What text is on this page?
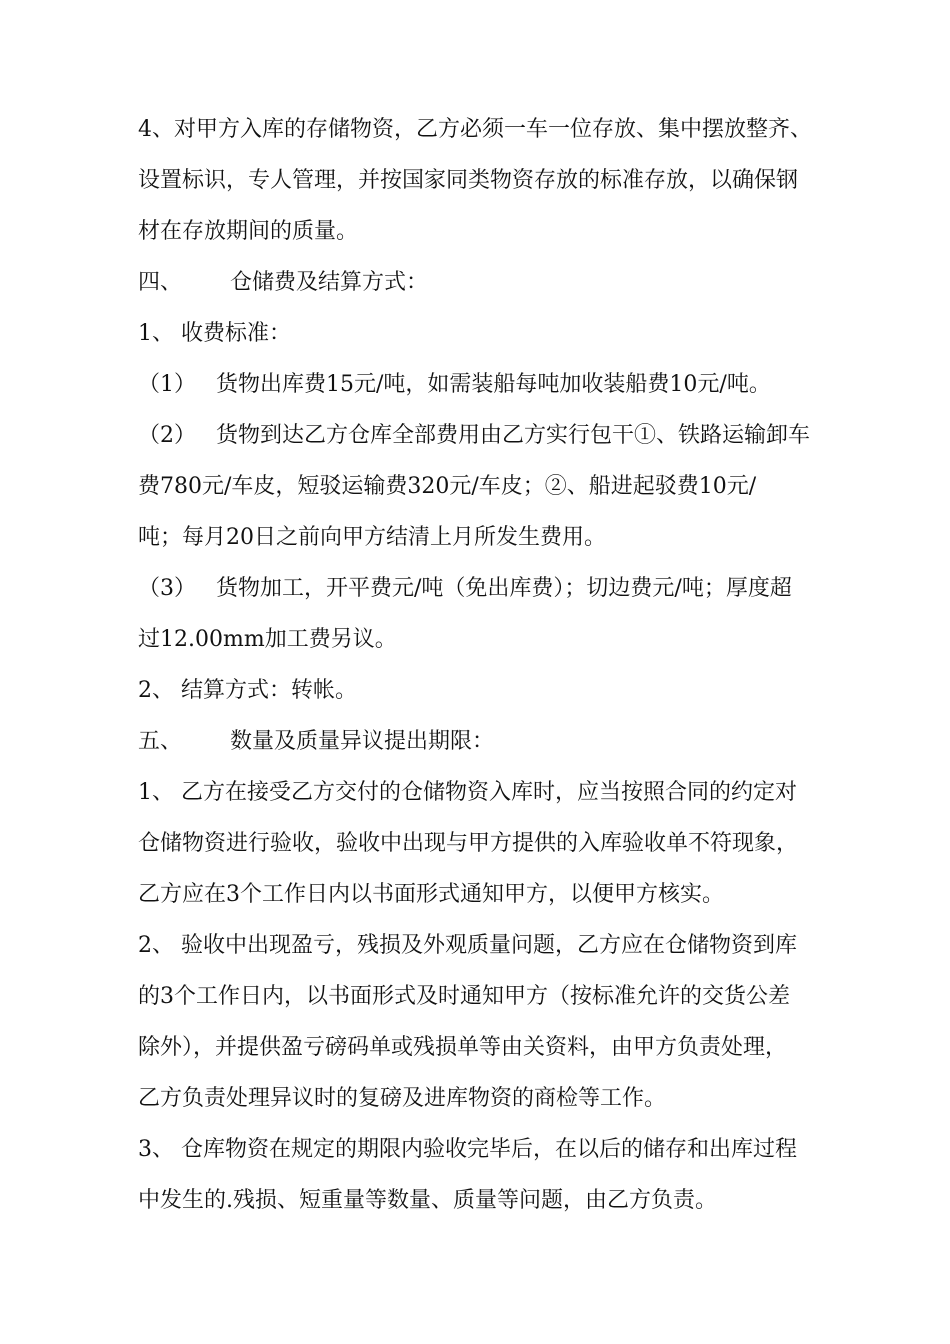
4、对甲方入库的存储物资，乙方必须一车一位存放、集中摆放整齐、
设置标识，专人管理，并按国家同类物资存放的标准存放，以确保钢
材在存放期间的质量。
四、 仓储费及结算方式：
1、 收费标准：
（1） 货物出库费15元/吨，如需装船每吨加收装船费10元/吨。
（2） 货物到达乙方仓库全部费用由乙方实行包干①、铁路运输卸车
费780元/车皮，短驳运输费320元/车皮；②、船进起驳费10元/
吨；每月20日之前向甲方结清上月所发生费用。
（3） 货物加工，开平费元/吨（免出库费）；切边费元/吨；厚度超
过12.00mm加工费另议。
2、 结算方式：转帐。
五、 数量及质量异议提出期限：
1、 乙方在接受乙方交付的仓储物资入库时，应当按照合同的约定对
仓储物资进行验收，验收中出现与甲方提供的入库验收单不符现象，
乙方应在3个工作日内以书面形式通知甲方，以便甲方核实。
2、 验收中出现盈亏，残损及外观质量问题，乙方应在仓储物资到库
的3个工作日内，以书面形式及时通知甲方（按标准允许的交货公差
除外），并提供盈亏磅码单或残损单等由关资料，由甲方负责处理，
乙方负责处理异议时的复磅及进库物资的商检等工作。
3、 仓库物资在规定的期限内验收完毕后，在以后的储存和出库过程
中发生的.残损、短重量等数量、质量等问题，由乙方负责。
